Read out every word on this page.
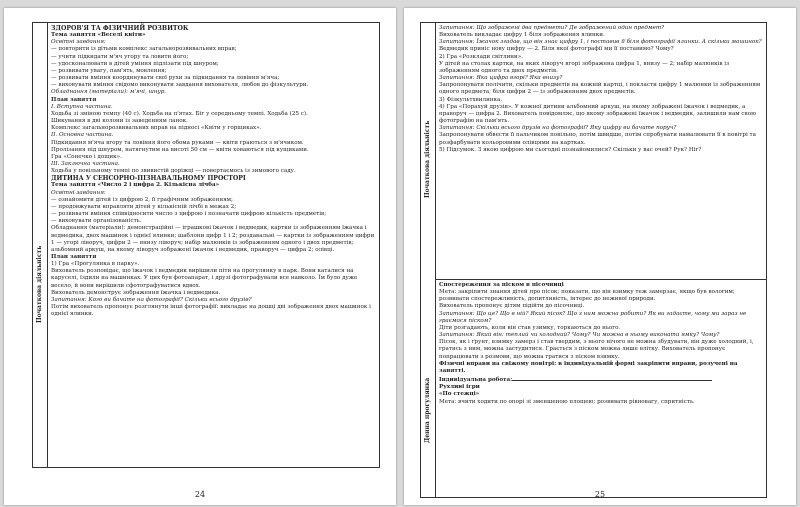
Початкова діяльність

ЗДОРОВ'Я ТА ФІЗИЧНИЙ РОЗВИТОК

Тема заняття «Веселі квіти»

Освітні завдання:

— повторити із дітьми комплекс загальнорозвивальних вправ;

— учити підкидати м'яч угору та ловити його;

— удосконалювати в дітей уміння підлізати під шнуром;

— розвивати увагу, пам'ять, мовлення;

— розвивати вміння координувати свої рухи за підкидання та ловіння м'яча;

— виховувати вміння свідомо виконувати завдання вихователя, любов до фізкультури.

Обладнання (матеріали): м'ячі, шнур.

План заняття

І. Вступна частина.

Ходьба зі зміною темпу (40 с). Ходьба на п'ятах. Біг у середньому темпі. Ходьба (25 с).

Шикування в дві колони із заведенням ланок.

Комплекс загальнорозвивальних вправ на підносі «Квіти у горщиках».

ІІ. Основна частина.

Підкидання м'яча вгору та ловіння його обома руками — квіти граються з м'ячиком.

Пролізання під шнуром, натягнутим на висоті 50 см — квіти ховаються під кущиками.

Гра «Сонечко і дощик».

ІІІ. Заключна частина.

Ходьба у повільному темпі по звивистій доріжці — повертаємось із зимового саду.

ДИТИНА У СЕНСОРНО-ПІЗНАВАЛЬНОМУ ПРОСТОРІ

Тема заняття «Число 2 і цифра 2. Кількісна лічба»

Освітні завдання:

— ознайомити дітей із цифрою 2, її графічним зображенням;

— продовжувати вправляти дітей у кількісній лічбі в межах 2;

— розвивати вміння співвідносити число з цифрою і позначати цифрою кількість предметів;

— виховувати організованість.

Обладнання (матеріали): демонстраційні — іграшкові їжачок і ведмедик, картки із зображенням їжачка і ведмедика, двох машинок і однієї ялинки; шаблони цифр 1 і 2; роздавальні — картки із зображенням цифри 1 — угорі ліворуч, цифри 2 — внизу ліворуч; набір малюнків із зображенням одного і двох предметів; альбомний аркуш, на якому ліворуч зображені їжачок і ведмедик, праворуч — цифра 2; олівці.

План заняття

1) Гра «Прогулянка в парку».

Вихователь розповідає, що їжачок і ведмедик вирішили піти на прогулянку в парк. Вони каталися на каруселі, їздили на машинках. У цих був фотоапарат, і друзі фотографували все навколо. Їм було дуже весело, й вони вирішили сфотографуватися вдвох.

Вихователь демонструє зображення їжачка і ведмедика.

Запитання: Кого ви бачите на фотографії? Скільки всього друзів?

Потім вихователь пропонує розглянути інші фотографії: викладає на дошці дві зображення двох машинок і однієї ялинки.

24
Початкова діяльність
Денна прогулянка

Запитання: Що зображені два предмети? Де зображений один предмет?

Вихователь викладає цифру 1 біля зображення ялинки.

Запитання: Їжачок згадав, що він знає цифру 1, і поставив її біля фотографії ялинки. А скільки машинок?

Ведмедик приніс нову цифру — 2. Біля якої фотографії ми її поставимо? Чому?

2) Гра «Розклади світлини».

У дітей на столах картки, на яких ліворуч вгорі зображена цифра 1, внизу — 2; набір малюнків із зображенням одного та двох предметів.

Запитання: Яка цифра вгорі? Яка внизу?

Запропонувати полічити, скільки предметів на кожній картці, і покласти цифру 1 малюнки із зображенням одного предмета, біля цифри 2 — із зображенням двох предметів.

3) Фізкультхвилинка.

4) Гра «Порахуй друзів». У кожної дитини альбомний аркуш, на якому зображені їжачок і ведмедик, а праворуч — цифра 2. Вихователь повідомляє, що якому зображені їжачок і ведмедик, залишили нам свою фотографію на пам'ять.

Запитання: Скільки всього друзів на фотографії? Яку цифру ви бачите поруч?

Запропонувати обвести її пальчиком повільно, потім швидше, потім спробувати намалювати її в повітрі та розфарбувати кольоровими олівцями на картках.

5) Підсумок. З якою цифрою ми сьогодні познайомилися? Скільки у вас очей? Рук? Ніг?

Спостереження за піском в пісочниці

Мета: закріпити знання дітей про пісок; показати, що він взимку теж замерзає, якщо був вологим; розвивати спостережливість, допитливість, інтерес до неживої природи.

Вихователь пропонує дітям підійти до пісочниці.

Запитання: Що це? Що в ній? Який пісок? Що з ним можна робити? Як ви гадаєте, чому ми зараз не граємося піском?

Діти розгадають, коли він став узимку, торкаються до нього.

Запитання: Який він: теплий чи холодний? Чому? Чи можна в ньому виконати ямку? Чому?

Пісок, як і ґрунт, взимку замерз і став твердим, з нього нічого не можна збудувати, він дуже холодний, і, гратись з ним, можна застудитися. Грається з піском можна лише влітку. Вихователь пропонує попрацювати з розмови, що можна гратися з піском взимку.

Фізичні вправи на свіжому повітрі: в індивідуальній формі закріпити вправи, розучені на занятті.

Індивідуальна робота:

Рухливі ігри

«По стежці»

Мета: вчити ходити по опорі зі зменшеною площею; розвивати рівновагу, спритність.

25
